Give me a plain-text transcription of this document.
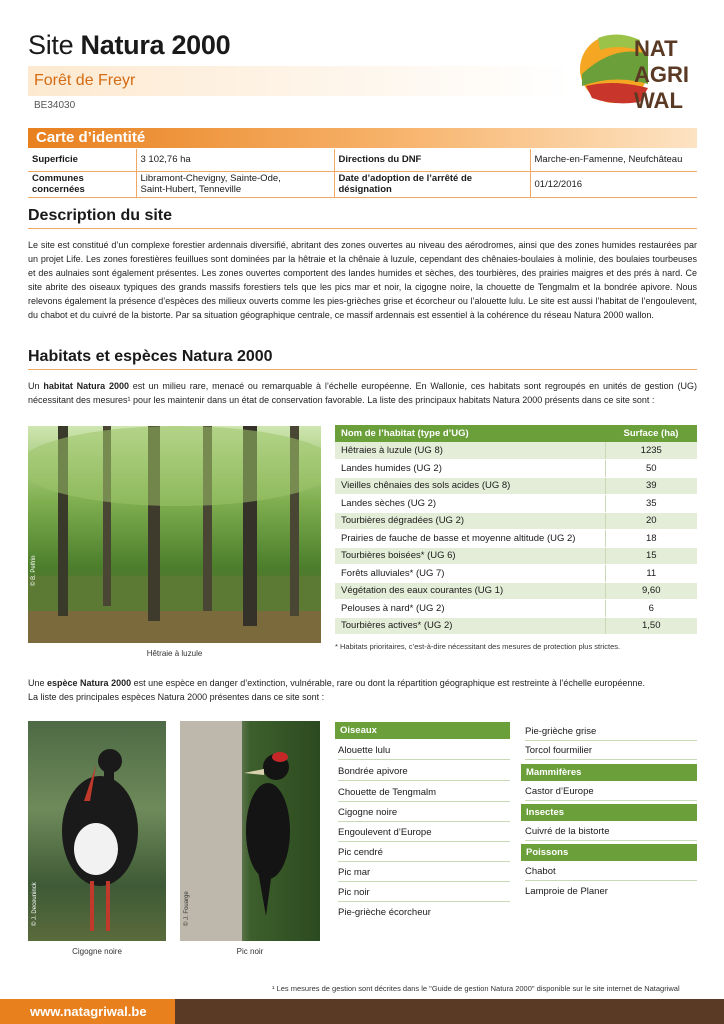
Site Natura 2000
Forêt de Freyr
BE34030
NAT
AGRI
WAL
Carte d’identité
Superficie	3 102,76 ha	Directions du DNF	Marche-en-Famenne, Neufchâteau
Communes concernées	Libramont-Chevigny, Sainte-Ode,
Saint-Hubert, Tenneville	Date d’adoption de l’arrêté de désignation	01/12/2016
Description du site
Le site est constitué d’un complexe forestier ardennais diversifié, abritant des zones ouvertes au niveau des aérodromes, ainsi que des zones humides restaurées par un projet Life. Les zones forestières feuillues sont dominées par la hêtraie et la chênaie à luzule, cependant des chênaies-boulaies à molinie, des boulaies tourbeuses et des aulnaies sont également présentes. Les zones ouvertes comportent des landes humides et sèches, des tourbières, des prairies maigres et des prés à nard. Ce site abrite des oiseaux typiques des grands massifs forestiers tels que les pics mar et noir, la cigogne noire, la chouette de Tengmalm et la bondrée apivore. Nous relevons également la présence d’espèces des milieux ouverts comme les pies-grièches grise et écorcheur ou l’alouette lulu. Le site est aussi l’habitat de l’engoulevent, du chabot et du cuivré de la bistorte. Par sa situation géographique centrale, ce massif ardennais est essentiel à la cohérence du réseau Natura 2000 wallon.
Habitats et espèces Natura 2000
Un habitat Natura 2000 est un milieu rare, menacé ou remarquable à l’échelle européenne. En Wallonie, ces habitats sont regroupés en unités de gestion (UG) nécessitant des mesures¹ pour les maintenir dans un état de conservation favorable. La liste des principaux habitats Natura 2000 présents dans ce site sont :
© B. Pelfrin
Hêtraie à luzule
Nom de l’habitat (type d’UG)	Surface (ha)
Hêtraies à luzule (UG 8)	1235
Landes humides (UG 2)	50
Vieilles chênaies des sols acides (UG 8)	39
Landes sèches (UG 2)	35
Tourbières dégradées (UG 2)	20
Prairies de fauche de basse et moyenne altitude (UG 2)	18
Tourbières boisées* (UG 6)	15
Forêts alluviales* (UG 7)	11
Végétation des eaux courantes (UG 1)	9,60
Pelouses à nard* (UG 2)	6
Tourbières actives* (UG 2)	1,50
* Habitats prioritaires, c’est-à-dire nécessitant des mesures de protection plus strictes.
Une espèce Natura 2000 est une espèce en danger d’extinction, vulnérable, rare ou dont la répartition géographique est restreinte à l’échelle européenne.
La liste des principales espèces Natura 2000 présentes dans ce site sont :
© J. Deceuninck
Cigogne noire
© J. Fouarge
Pic noir
Oiseaux
Alouette lulu
Bondrée apivore
Chouette de Tengmalm
Cigogne noire
Engoulevent d’Europe
Pic cendré
Pic mar
Pic noir
Pie-grièche écorcheur
Pie-grièche grise
Torcol fourmilier
Mammifères
Castor d’Europe
Insectes
Cuivré de la bistorte
Poissons
Chabot
Lamproie de Planer
¹ Les mesures de gestion sont décrites dans le "Guide de gestion Natura 2000" disponible sur le site internet de Natagriwal
www.natagriwal.be
